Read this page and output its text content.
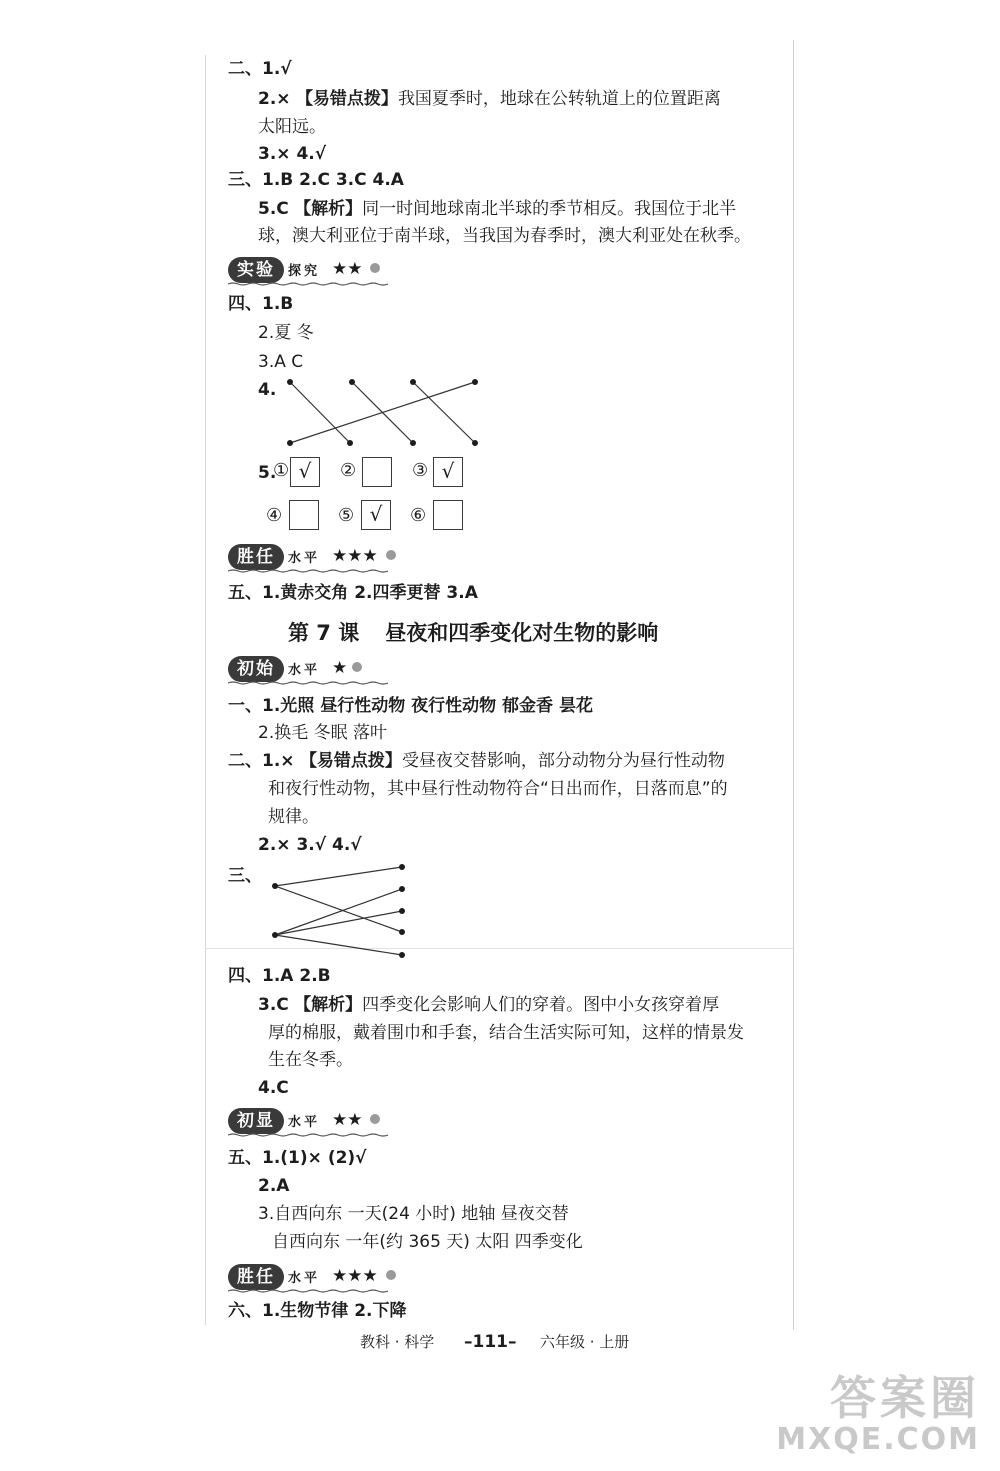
二、1.√
2.× 【易错点拨】我国夏季时，地球在公转轨道上的位置距离
太阳远。
3.× 4.√
三、1.B 2.C 3.C 4.A
5.C 【解析】同一时间地球南北半球的季节相反。我国位于北半
球，澳大利亚位于南半球，当我国为春季时，澳大利亚处在秋季。
实验	探究 ★★
四、1.B
2.夏 冬
3.A C
4.
5.
① √	②	③ √
④	⑤ √	⑥
胜任	水平 ★★★
五、1.黄赤交角 2.四季更替 3.A
第 7 课 昼夜和四季变化对生物的影响
初始	水平 ★
一、1.光照 昼行性动物 夜行性动物 郁金香 昙花
2.换毛 冬眠 落叶
二、1.× 【易错点拨】受昼夜交替影响，部分动物分为昼行性动物
和夜行性动物，其中昼行性动物符合“日出而作，日落而息”的
规律。
2.× 3.√ 4.√
三、
四、1.A 2.B
3.C 【解析】四季变化会影响人们的穿着。图中小女孩穿着厚
厚的棉服，戴着围巾和手套，结合生活实际可知，这样的情景发
生在冬季。
4.C
初显	水平 ★★
五、1.(1)× (2)√
2.A
3.自西向东 一天(24 小时) 地轴 昼夜交替
自西向东 一年(约 365 天) 太阳 四季变化
胜任	水平 ★★★
六、1.生物节律 2.下降
教科 · 科学 –111– 六年级 · 上册
答案圈
MXQE.COM
